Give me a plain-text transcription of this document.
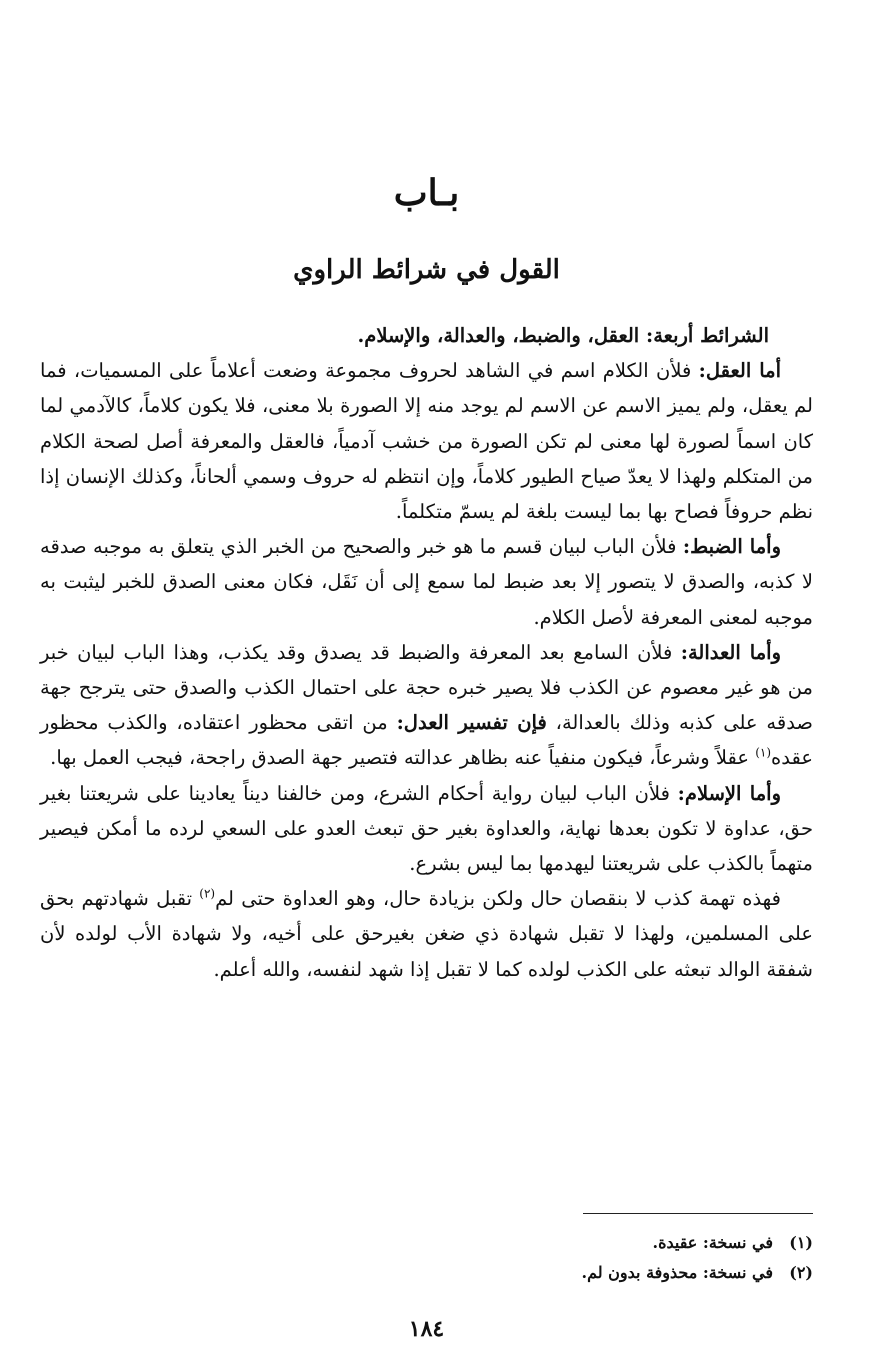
بـاب
القول في شرائط الراوي

الشرائط أربعة: العقل، والضبط، والعدالة، والإسلام.

أما العقل: فلأن الكلام اسم في الشاهد لحروف مجموعة وضعت أعلاماً على المسميات، فما لم يعقل، ولم يميز الاسم عن الاسم لم يوجد منه إلا الصورة بلا معنى، فلا يكون كلاماً، كالآدمي لما كان اسماً لصورة لها معنى لم تكن الصورة من خشب آدمياً، فالعقل والمعرفة أصل لصحة الكلام من المتكلم ولهذا لا يعدّ صياح الطيور كلاماً، وإن انتظم له حروف وسمي ألحاناً، وكذلك الإنسان إذا نظم حروفاً فصاح بها بما ليست بلغة لم يسمّ متكلماً.

وأما الضبط: فلأن الباب لبيان قسم ما هو خبر والصحيح من الخبر الذي يتعلق به موجبه صدقه لا كذبه، والصدق لا يتصور إلا بعد ضبط لما سمع إلى أن نَقَل، فكان معنى الصدق للخبر ليثبت به موجبه لمعنى المعرفة لأصل الكلام.

وأما العدالة: فلأن السامع بعد المعرفة والضبط قد يصدق وقد يكذب، وهذا الباب لبيان خبر من هو غير معصوم عن الكذب فلا يصير خبره حجة على احتمال الكذب والصدق حتى يترجح جهة صدقه على كذبه وذلك بالعدالة، فإن تفسير العدل: من اتقى محظور اعتقاده، والكذب محظور عقده$^{(١)}$ عقلاً وشرعاً، فيكون منفياً عنه بظاهر عدالته فتصير جهة الصدق راجحة، فيجب العمل بها.

وأما الإسلام: فلأن الباب لبيان رواية أحكام الشرع، ومن خالفنا ديناً يعادينا على شريعتنا بغير حق، عداوة لا تكون بعدها نهاية، والعداوة بغير حق تبعث العدو على السعي لرده ما أمكن فيصير متهماً بالكذب على شريعتنا ليهدمها بما ليس بشرع.

فهذه تهمة كذب لا بنقصان حال ولكن بزيادة حال، وهو العداوة حتى لم$^{(٢)}$ تقبل شهادتهم بحق على المسلمين، ولهذا لا تقبل شهادة ذي ضغن بغيرحق على أخيه، ولا شهادة الأب لولده لأن شفقة الوالد تبعثه على الكذب لولده كما لا تقبل إذا شهد لنفسه، والله أعلم.

(١)في نسخة: عقيدة.
(٢)في نسخة: محذوفة بدون لم.
١٨٤
